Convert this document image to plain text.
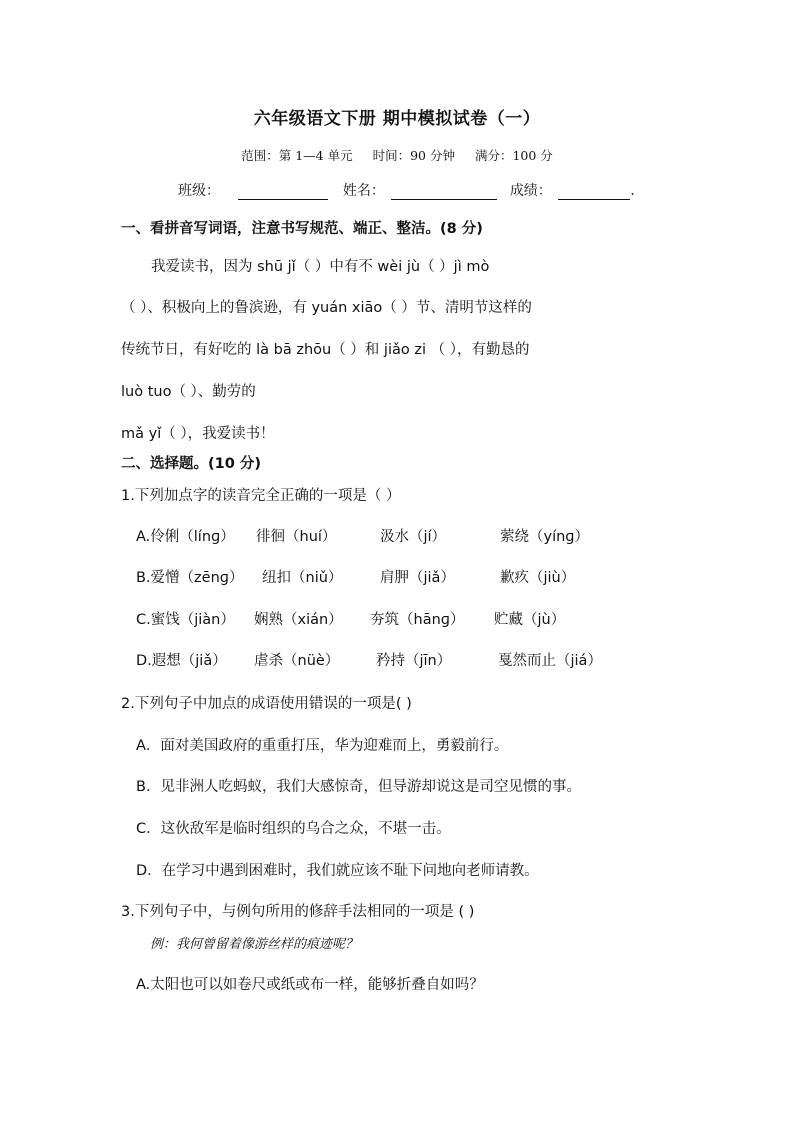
六年级语文下册 期中模拟试卷（一）
范围：第 1—4 单元 时间：90 分钟 满分：100 分
班级：	姓名：	成绩：	.
一、看拼音写词语，注意书写规范、端正、整洁。(8 分)
我爱读书，因为 shū jǐ（ ）中有不 wèi jù（ ）jì mò
（ ）、积极向上的鲁滨逊，有 yuán xiāo（ ）节、清明节这样的
传统节日，有好吃的 là bā zhōu（ ）和 jiǎo zi （ ），有勤恳的
luò tuo（ ）、勤劳的
mǎ yǐ（ ），我爱读书！
二、选择题。(10 分)
1.下列加点字的读音完全正确的一项是（ ）
A.伶俐（línɡ） 徘徊（huí）	汲水（jí）	萦绕（yínɡ）
B.爱憎（zēnɡ） 纽扣（niǔ）	肩胛（jiǎ）	歉疚（jiù）
C.蜜饯（jiàn） 娴熟（xián） 夯筑（hānɡ） 贮藏（jù）
D.遐想（jiǎ） 虐杀（nüè）	矜持（jīn）	戛然而止（jiá）
2.下列句子中加点的成语使用错误的一项是( )
A．面对美国政府的重重打压，华为迎难而上，勇毅前行。
B．见非洲人吃蚂蚁，我们大感惊奇，但导游却说这是司空见惯的事。
C．这伙敌军是临时组织的乌合之众，不堪一击。
D．在学习中遇到困难时，我们就应该不耻下问地向老师请教。
3.下列句子中，与例句所用的修辞手法相同的一项是 ( )
例：我何曾留着像游丝样的痕迹呢？
A.太阳也可以如卷尺或纸或布一样，能够折叠自如吗？
